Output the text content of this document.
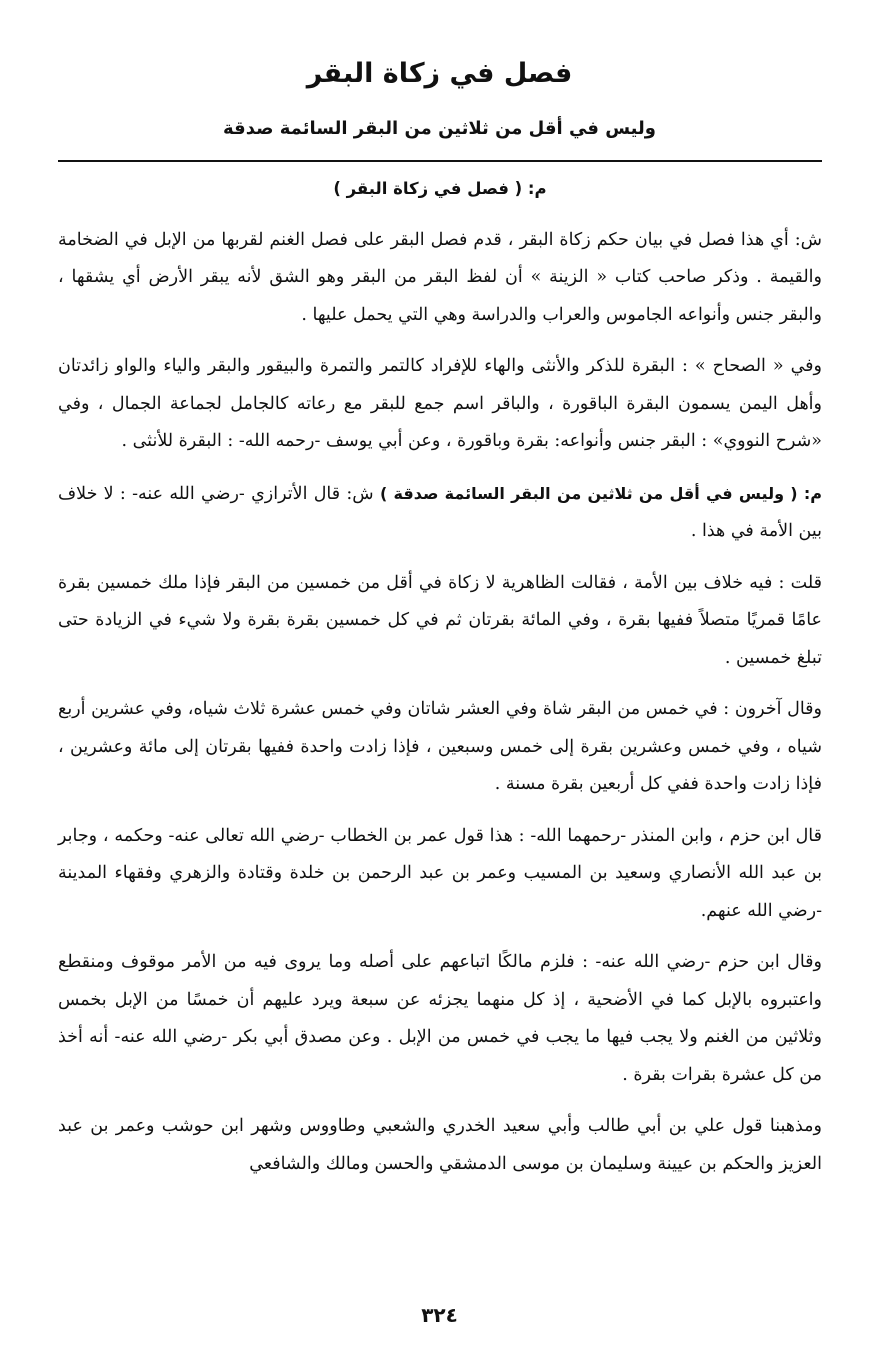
فصل في زكاة البقر
وليس في أقل من ثلاثين من البقر السائمة صدقة

م: ( فصل في زكاة البقر )

ش: أي هذا فصل في بيان حكم زكاة البقر ، قدم فصل البقر على فصل الغنم لقربها من الإبل في الضخامة والقيمة . وذكر صاحب كتاب « الزينة » أن لفظ البقر من البقر وهو الشق لأنه يبقر الأرض أي يشقها ، والبقر جنس وأنواعه الجاموس والعراب والدراسة وهي التي يحمل عليها .

وفي « الصحاح » : البقرة للذكر والأنثى والهاء للإفراد كالتمر والتمرة والبيقور والبقر والياء والواو زائدتان وأهل اليمن يسمون البقرة الباقورة ، والباقر اسم جمع للبقر مع رعاته كالجامل لجماعة الجمال ، وفي «شرح النووي» : البقر جنس وأنواعه: بقرة وباقورة ، وعن أبي يوسف -رحمه الله- : البقرة للأنثى .

م: ( وليس في أقل من ثلاثين من البقر السائمة صدقة ) ش: قال الأترازي -رضي الله عنه- : لا خلاف بين الأمة في هذا .

قلت : فيه خلاف بين الأمة ، فقالت الظاهرية لا زكاة في أقل من خمسين من البقر فإذا ملك خمسين بقرة عامًا قمريًا متصلاً ففيها بقرة ، وفي المائة بقرتان ثم في كل خمسين بقرة بقرة ولا شيء في الزيادة حتى تبلغ خمسين .

وقال آخرون : في خمس من البقر شاة وفي العشر شاتان وفي خمس عشرة ثلاث شياه، وفي عشرين أربع شياه ، وفي خمس وعشرين بقرة إلى خمس وسبعين ، فإذا زادت واحدة ففيها بقرتان إلى مائة وعشرين ، فإذا زادت واحدة ففي كل أربعين بقرة مسنة .

قال ابن حزم ، وابن المنذر -رحمهما الله- : هذا قول عمر بن الخطاب -رضي الله تعالى عنه- وحكمه ، وجابر بن عبد الله الأنصاري وسعيد بن المسيب وعمر بن عبد الرحمن بن خلدة وقتادة والزهري وفقهاء المدينة -رضي الله عنهم.

وقال ابن حزم -رضي الله عنه- : فلزم مالكًا اتباعهم على أصله وما يروى فيه من الأمر موقوف ومنقطع واعتبروه بالإبل كما في الأضحية ، إذ كل منهما يجزئه عن سبعة ويرد عليهم أن خمسًا من الإبل بخمس وثلاثين من الغنم ولا يجب فيها ما يجب في خمس من الإبل . وعن مصدق أبي بكر -رضي الله عنه- أنه أخذ من كل عشرة بقرات بقرة .

ومذهبنا قول علي بن أبي طالب وأبي سعيد الخدري والشعبي وطاووس وشهر ابن حوشب وعمر بن عبد العزيز والحكم بن عيينة وسليمان بن موسى الدمشقي والحسن ومالك والشافعي

٣٢٤
